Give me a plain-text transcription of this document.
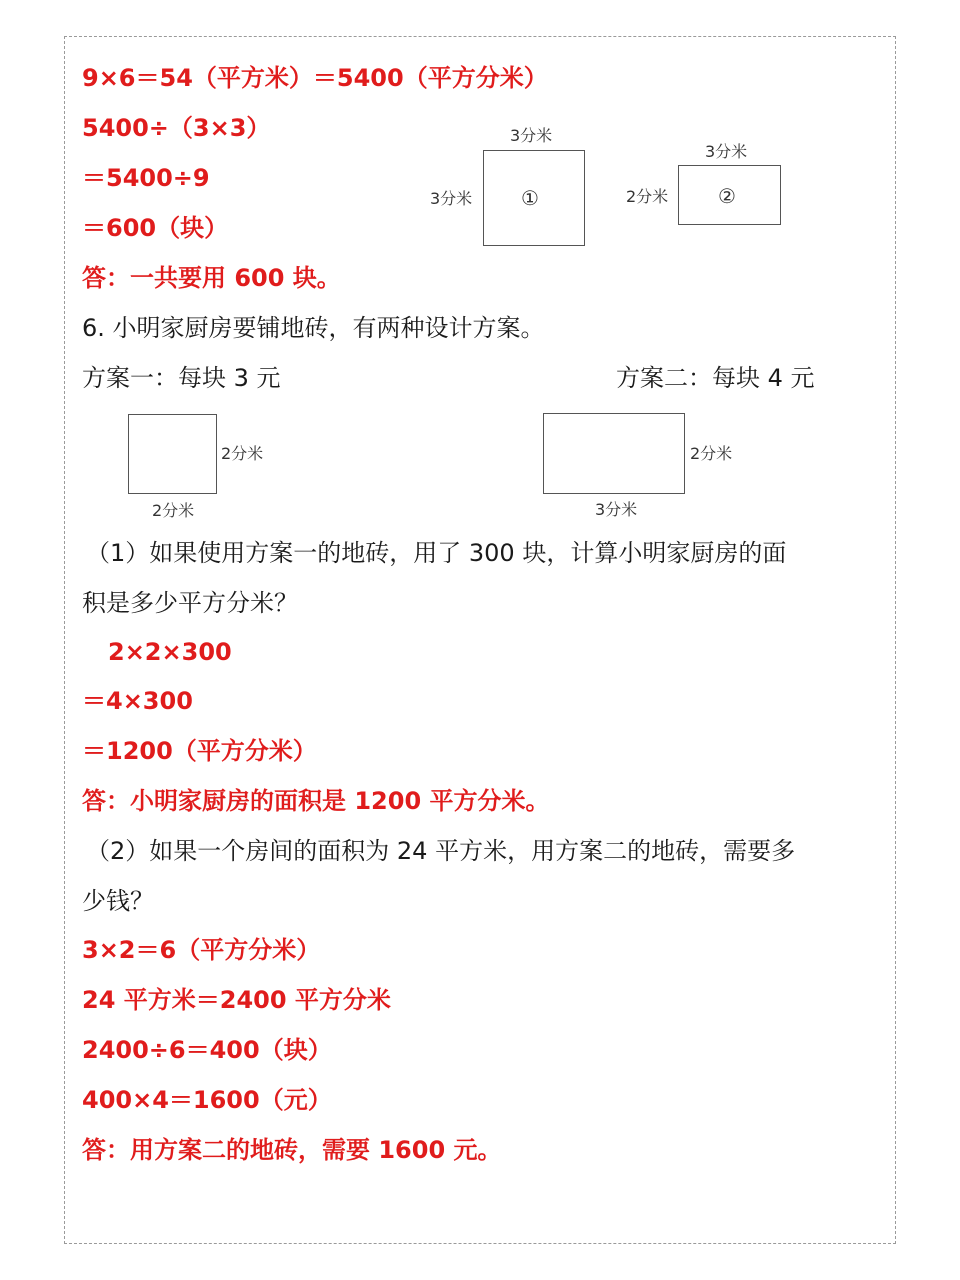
9×6＝54（平方米）＝5400（平方分米）
5400÷（3×3）
＝5400÷9
＝600（块）
答：一共要用 600 块。
3分米
3分米 ①
3分米
2分米 ②
6. 小明家厨房要铺地砖，有两种设计方案。
方案一：每块 3 元	方案二：每块 4 元
2分米
2分米
2分米
3分米
（1）如果使用方案一的地砖，用了 300 块，计算小明家厨房的面
积是多少平方分米？
2×2×300
＝4×300
＝1200（平方分米）
答：小明家厨房的面积是 1200 平方分米。
（2）如果一个房间的面积为 24 平方米，用方案二的地砖，需要多
少钱？
3×2＝6（平方分米）
24 平方米＝2400 平方分米
2400÷6＝400（块）
400×4＝1600（元）
答：用方案二的地砖，需要 1600 元。
